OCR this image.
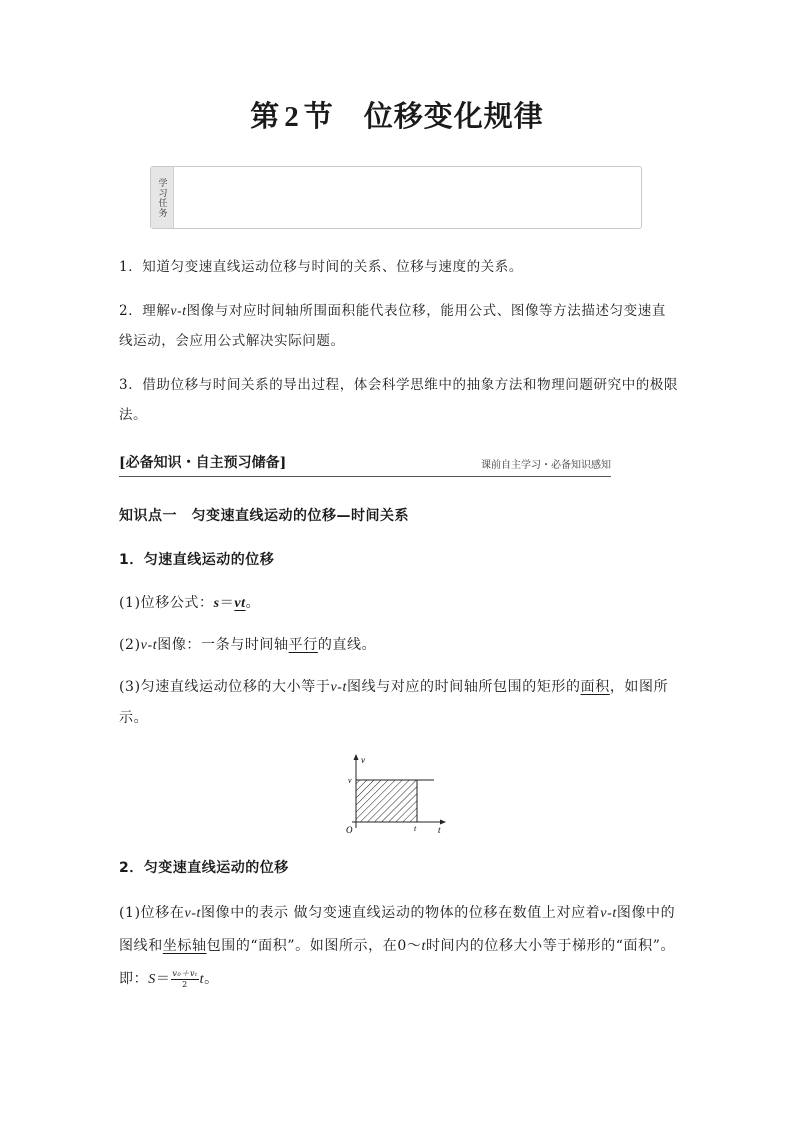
第 2 节 位移变化规律
学习任务
1．知道匀变速直线运动位移与时间的关系、位移与速度的关系。
2．理解v-t图像与对应时间轴所围面积能代表位移，能用公式、图像等方法描述匀变速直线运动，会应用公式解决实际问题。
3．借助位移与时间关系的导出过程，体会科学思维中的抽象方法和物理问题研究中的极限法。
[必备知识・自主预习储备]	课前自主学习・必备知识感知
知识点一　匀变速直线运动的位移—时间关系
1．匀速直线运动的位移
(1)位移公式：s＝vt。
(2)v-t图像：一条与时间轴平行的直线。
(3)匀速直线运动位移的大小等于v-t图线与对应的时间轴所包围的矩形的面积，如图所示。
v
t
O
v
t
2．匀变速直线运动的位移
(1)位移在v-t图像中的表示 做匀变速直线运动的物体的位移在数值上对应着v-t图像中的图线和坐标轴包围的“面积”。如图所示，在0～t时间内的位移大小等于梯形的“面积”。即：$S= \frac{\text{v₀＋vₜ}}{2}$ t。
